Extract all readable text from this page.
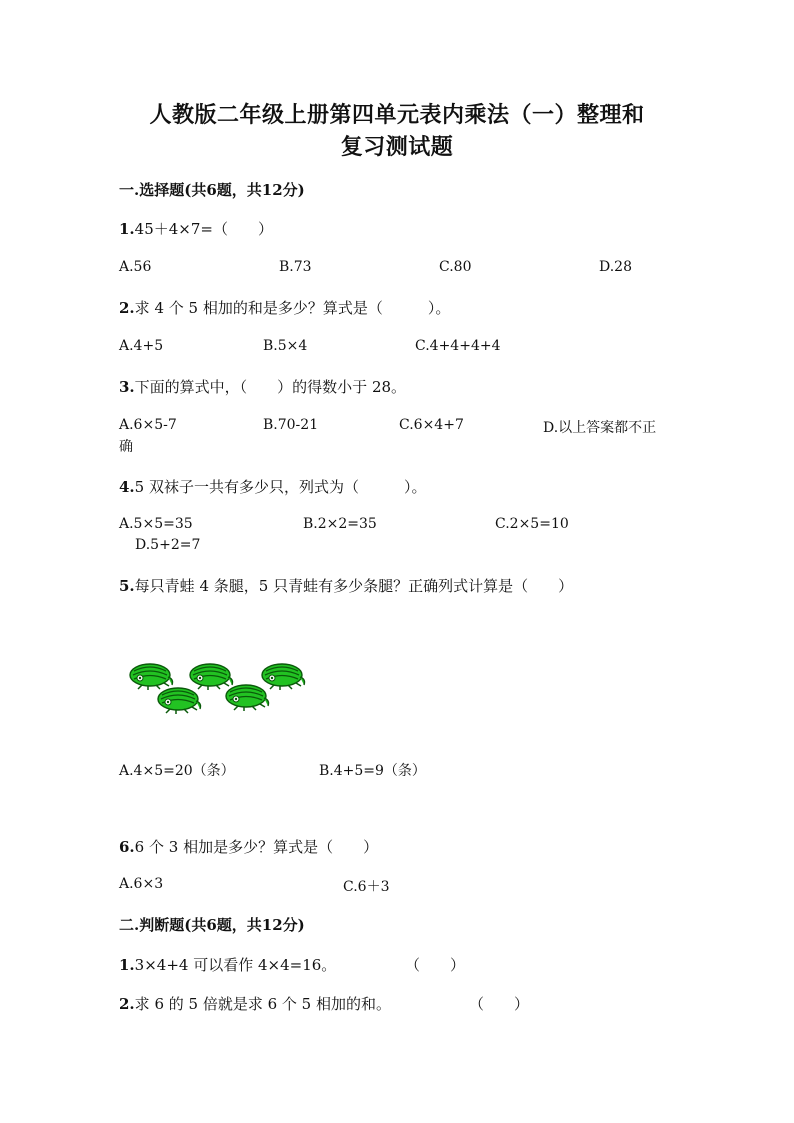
人教版二年级上册第四单元表内乘法（一）整理和
复习测试题
一.选择题(共6题，共12分)
1.45＋4×7=（　　）
A.56	B.73	C.80	D.28
2.求 4 个 5 相加的和是多少？算式是（　　　）。
A.4+5	B.5×4	C.4+4+4+4
3.下面的算式中，（　　）的得数小于 28。
A.6×5-7	B.70-21	C.6×4+7	D.以上答案都不正
确
4.5 双袜子一共有多少只，列式为（　　　）。
A.5×5=35	B.2×2=35	C.2×5=10
D.5+2=7
5.每只青蛙 4 条腿，5 只青蛙有多少条腿？正确列式计算是（　　）
A.4×5=20（条）	B.4+5=9（条）
6.6 个 3 相加是多少？算式是（　　）
A.6×3	C.6＋3
二.判断题(共6题，共12分)
1.3×4+4 可以看作 4×4=16。	（　　）
2.求 6 的 5 倍就是求 6 个 5 相加的和。	（　　）
